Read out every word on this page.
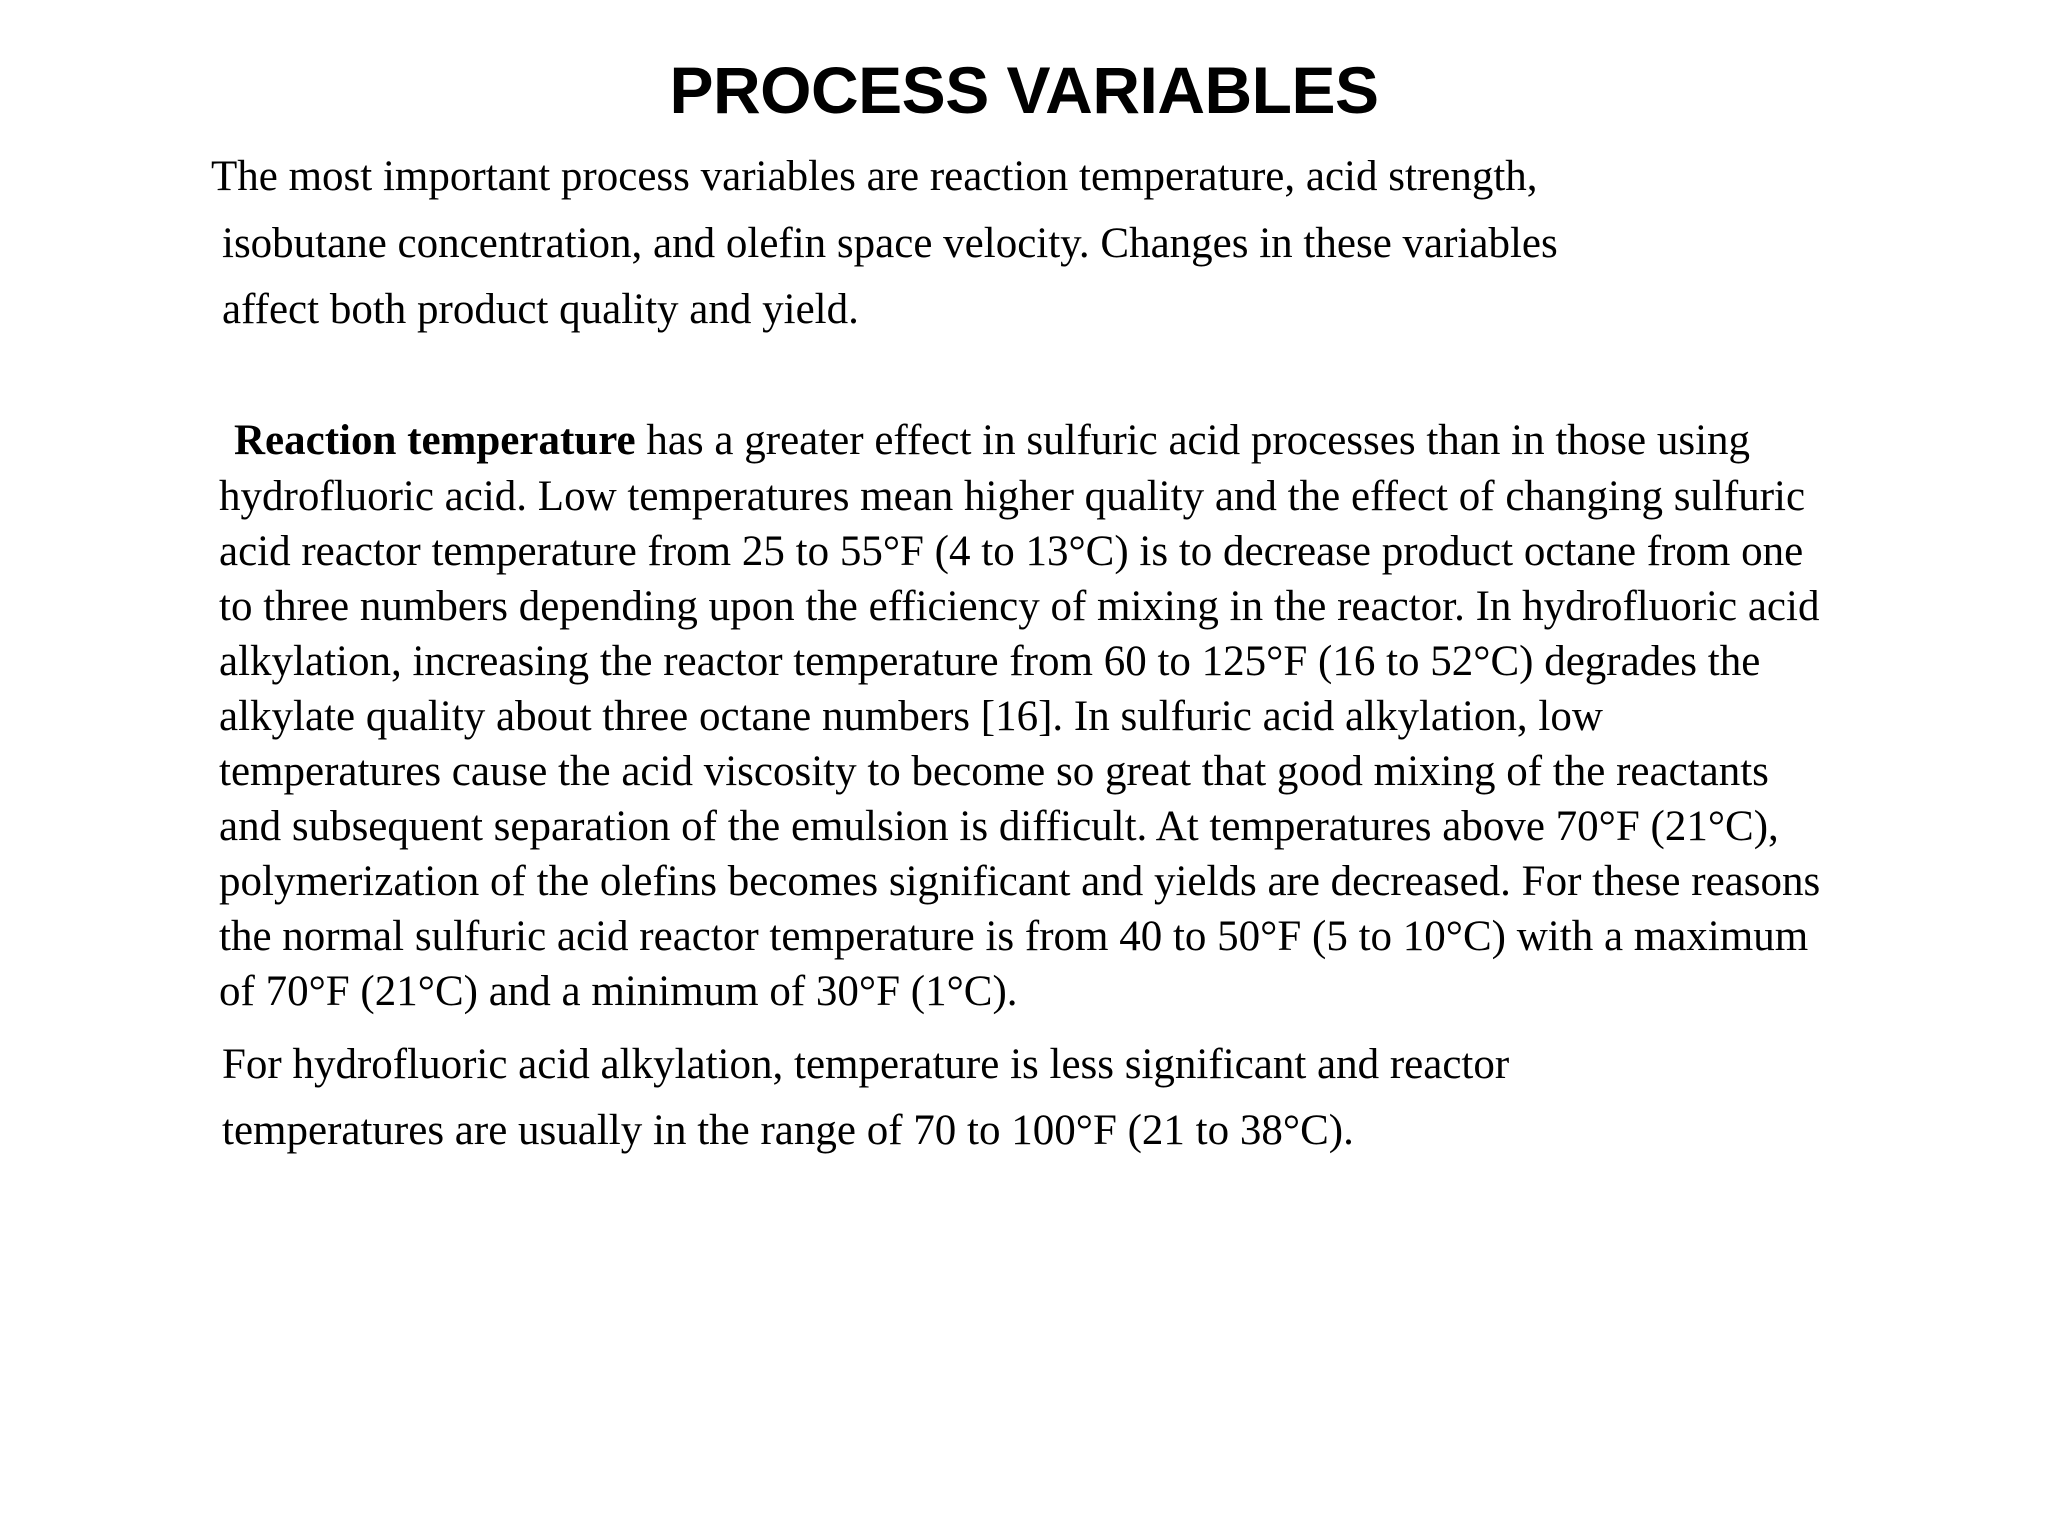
PROCESS VARIABLES
The most important process variables are reaction temperature, acid strength,
isobutane concentration, and olefin space velocity. Changes in these variables
affect both product quality and yield.
Reaction temperature has a greater effect in sulfuric acid processes than in those using
hydrofluoric acid. Low temperatures mean higher quality and the effect of changing sulfuric
acid reactor temperature from 25 to 55°F (4 to 13°C) is to decrease product octane from one
to three numbers depending upon the efficiency of mixing in the reactor. In hydrofluoric acid
alkylation, increasing the reactor temperature from 60 to 125°F (16 to 52°C) degrades the
alkylate quality about three octane numbers [16]. In sulfuric acid alkylation, low
temperatures cause the acid viscosity to become so great that good mixing of the reactants
and subsequent separation of the emulsion is difficult. At temperatures above 70°F (21°C),
polymerization of the olefins becomes significant and yields are decreased. For these reasons
the normal sulfuric acid reactor temperature is from 40 to 50°F (5 to 10°C) with a maximum
of 70°F (21°C) and a minimum of 30°F (1°C).
For hydrofluoric acid alkylation, temperature is less significant and reactor
temperatures are usually in the range of 70 to 100°F (21 to 38°C).
